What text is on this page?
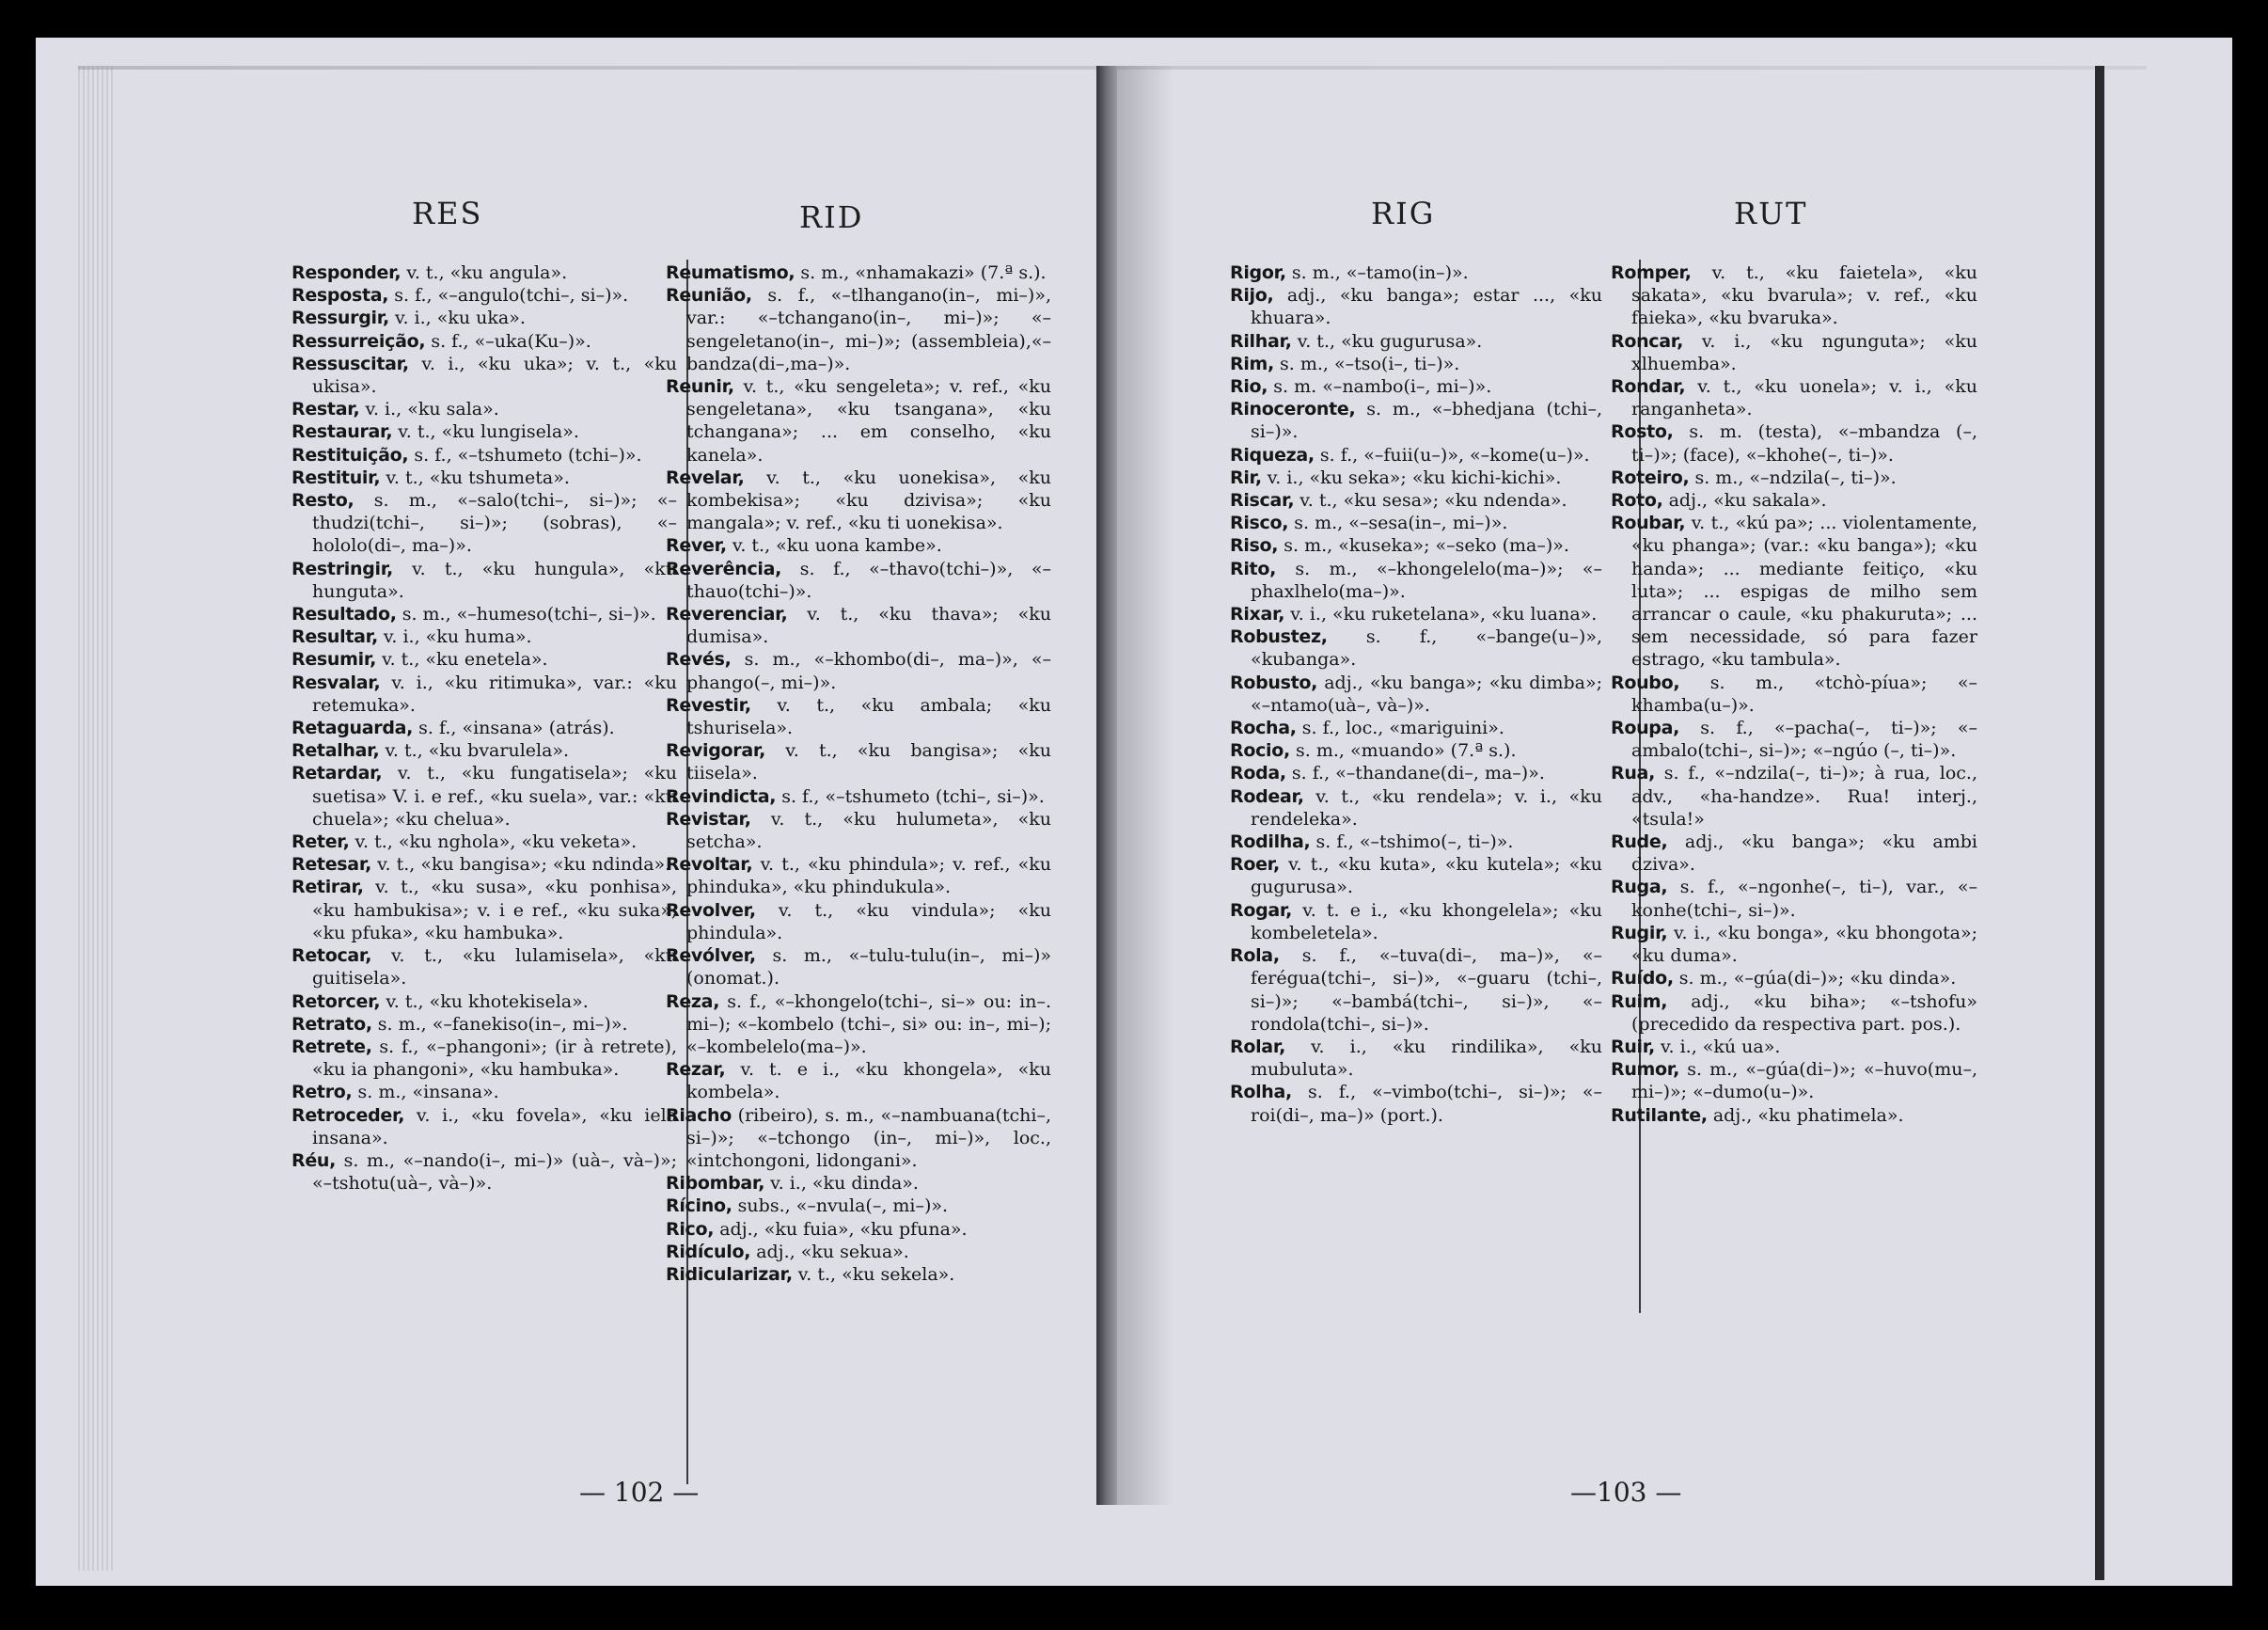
RES	RID

Responder, v. t., «ku angula».

Resposta, s. f., «–angulo(tchi–, si–)».

Ressurgir, v. i., «ku uka».

Ressurreição, s. f., «–uka(Ku–)».

Ressuscitar, v. i., «ku uka»; v. t., «ku ukisa».

Restar, v. i., «ku sala».

Restaurar, v. t., «ku lungisela».

Restituição, s. f., «–tshumeto (tchi–)».

Restituir, v. t., «ku tshumeta».

Resto, s. m., «–salo(tchi–, si–)»; «–thudzi(tchi–, si–)»; (sobras), «–hololo(di–, ma–)».

Restringir, v. t., «ku hungula», «ku hunguta».

Resultado, s. m., «–humeso(tchi–, si–)».

Resultar, v. i., «ku huma».

Resumir, v. t., «ku enetela».

Resvalar, v. i., «ku ritimuka», var.: «ku retemuka».

Retaguarda, s. f., «insana» (atrás).

Retalhar, v. t., «ku bvarulela».

Retardar, v. t., «ku fungatisela»; «ku suetisa» V. i. e ref., «ku suela», var.: «ku chuela»; «ku cheluа».

Reter, v. t., «ku nghola», «ku veketa».

Retesar, v. t., «ku bangisa»; «ku ndinda».

Retirar, v. t., «ku susa», «ku ponhisa», «ku hambukisa»; v. i e ref., «ku suka», «ku pfuka», «ku hambuka».

Retocar, v. t., «ku lulamisela», «ku guitisela».

Retorcer, v. t., «ku khotekisela».

Retrato, s. m., «–fanekiso(in–, mi–)».

Retrete, s. f., «–phangoni»; (ir à retrete), «ku ia phangoni», «ku hambuka».

Retro, s. m., «insana».

Retroceder, v. i., «ku fovela», «ku iela insana».

Réu, s. m., «–nando(i–, mi–)» (uà–, và–)»; «–tshotu(uà–, và–)».

Reumatismo, s. m., «nhamakazi» (7.ª s.).

Reunião, s. f., «–tlhangano(in–, mi–)», var.: «–tchangano(in–, mi–)»; «–sengeletano(in–, mi–)»; (assembleia),«–bandza(di–,ma–)».

Reunir, v. t., «ku sengeleta»; v. ref., «ku sengeletana», «ku tsangana», «ku tchangana»; ... em conselho, «ku kanela».

Revelar, v. t., «ku uonekisa», «ku kombekisa»; «ku dzivisa»; «ku mangala»; v. ref., «ku ti uonekisa».

Rever, v. t., «ku uona kambe».

Reverência, s. f., «–thavo(tchi–)», «–thauo(tchi–)».

Reverenciar, v. t., «ku thava»; «ku dumisa».

Revés, s. m., «–khombo(di–, ma–)», «–phango(–, mi–)».

Revestir, v. t., «ku ambala; «ku tshurisela».

Revigorar, v. t., «ku bangisa»; «ku tiisela».

Revindicta, s. f., «–tshumeto (tchi–, si–)».

Revistar, v. t., «ku hulumeta», «ku setcha».

Revoltar, v. t., «ku phindula»; v. ref., «ku phinduka», «ku phindukula».

Revolver, v. t., «ku vindula»; «ku phindula».

Revólver, s. m., «–tulu-tulu(in–, mi–)» (onomat.).

Reza, s. f., «–khongelo(tchi–, si–» ou: in–. mi–); «–kombelo (tchi–, si» ou: in–, mi–); «–kombelelo(ma–)».

Rezar, v. t. e i., «ku khongela», «ku kombela».

Riacho (ribeiro), s. m., «–nambuana(tchi–, si–)»; «–tchongo (in–, mi–)», loc., «intchongoni, lidongani».

Ribombar, v. i., «ku dinda».

Rícino, subs., «–nvula(–, mi–)».

Rico, adj., «ku fuia», «ku pfuna».

Ridículo, adj., «ku sekua».

Ridicularizar, v. t., «ku sekela».

— 102 —
RIG	RUT

Rigor, s. m., «–tamo(in–)».

Rijo, adj., «ku banga»; estar ..., «ku khuara».

Rilhar, v. t., «ku gugurusa».

Rim, s. m., «–tso(i–, ti–)».

Rio, s. m. «–nambo(i–, mi–)».

Rinoceronte, s. m., «–bhedjana (tchi–, si–)».

Riqueza, s. f., «–fuii(u–)», «–kome(u–)».

Rir, v. i., «ku seka»; «ku kichi-kichi».

Riscar, v. t., «ku sesa»; «ku ndenda».

Risco, s. m., «–sesa(in–, mi–)».

Riso, s. m., «kuseka»; «–seko (ma–)».

Rito, s. m., «–khongelelo(ma–)»; «–phaxlhelo(ma–)».

Rixar, v. i., «ku ruketelana», «ku luana».

Robustez, s. f., «–bange(u–)», «kubanga».

Robusto, adj., «ku banga»; «ku dimba»; «–ntamo(uà–, và–)».

Rocha, s. f., loc., «mariguini».

Rocio, s. m., «muando» (7.ª s.).

Roda, s. f., «–thandane(di–, ma–)».

Rodear, v. t., «ku rendela»; v. i., «ku rendeleka».

Rodilha, s. f., «–tshimo(–, ti–)».

Roer, v. t., «ku kuta», «ku kutela»; «ku gugurusa».

Rogar, v. t. e i., «ku khongelela»; «ku kombeletela».

Rola, s. f., «–tuva(di–, ma–)», «–ferégua(tchi–, si–)», «–guaru (tchi–, si–)»; «–bambá(tchi–, si–)», «–rondola(tchi–, si–)».

Rolar, v. i., «ku rindilika», «ku mubuluta».

Rolha, s. f., «–vimbo(tchi–, si–)»; «–roi(di–, ma–)» (port.).

Romper, v. t., «ku faietela», «ku sakata», «ku bvarula»; v. ref., «ku faieka», «ku bvaruka».

Roncar, v. i., «ku ngunguta»; «ku xlhuemba».

Rondar, v. t., «ku uonela»; v. i., «ku ranganheta».

Rosto, s. m. (testa), «–mbandza (–, ti–)»; (face), «–khohe(–, ti–)».

Roteiro, s. m., «–ndzila(–, ti–)».

Roto, adj., «ku sakala».

Roubar, v. t., «kú pa»; ... violentamente, «ku phanga»; (var.: «ku banga»); «ku handa»; ... mediante feitiço, «ku luta»; ... espigas de milho sem arrancar o caule, «ku phakuruta»; ... sem necessidade, só para fazer estrago, «ku tambula».

Roubo, s. m., «tchò-píua»; «–khamba(u–)».

Roupa, s. f., «–pacha(–, ti–)»; «–ambalo(tchi–, si–)»; «–ngúo (–, ti–)».

Rua, s. f., «–ndzila(–, ti–)»; à rua, loc., adv., «ha-handze». Rua! interj., «tsula!»

Rude, adj., «ku banga»; «ku ambi dziva».

Ruga, s. f., «–ngonhe(–, ti–), var., «–konhe(tchi–, si–)».

Rugir, v. i., «ku bonga», «ku bhongota»; «ku duma».

Ruído, s. m., «–gúa(di–)»; «ku dinda».

Ruim, adj., «ku biha»; «–tshofu» (precedido da respectiva part. pos.).

Ruir, v. i., «kú ua».

Rumor, s. m., «–gúa(di–)»; «–huvo(mu–, mi–)»; «–dumo(u–)».

Rutilante, adj., «ku phatimela».

—103 —
